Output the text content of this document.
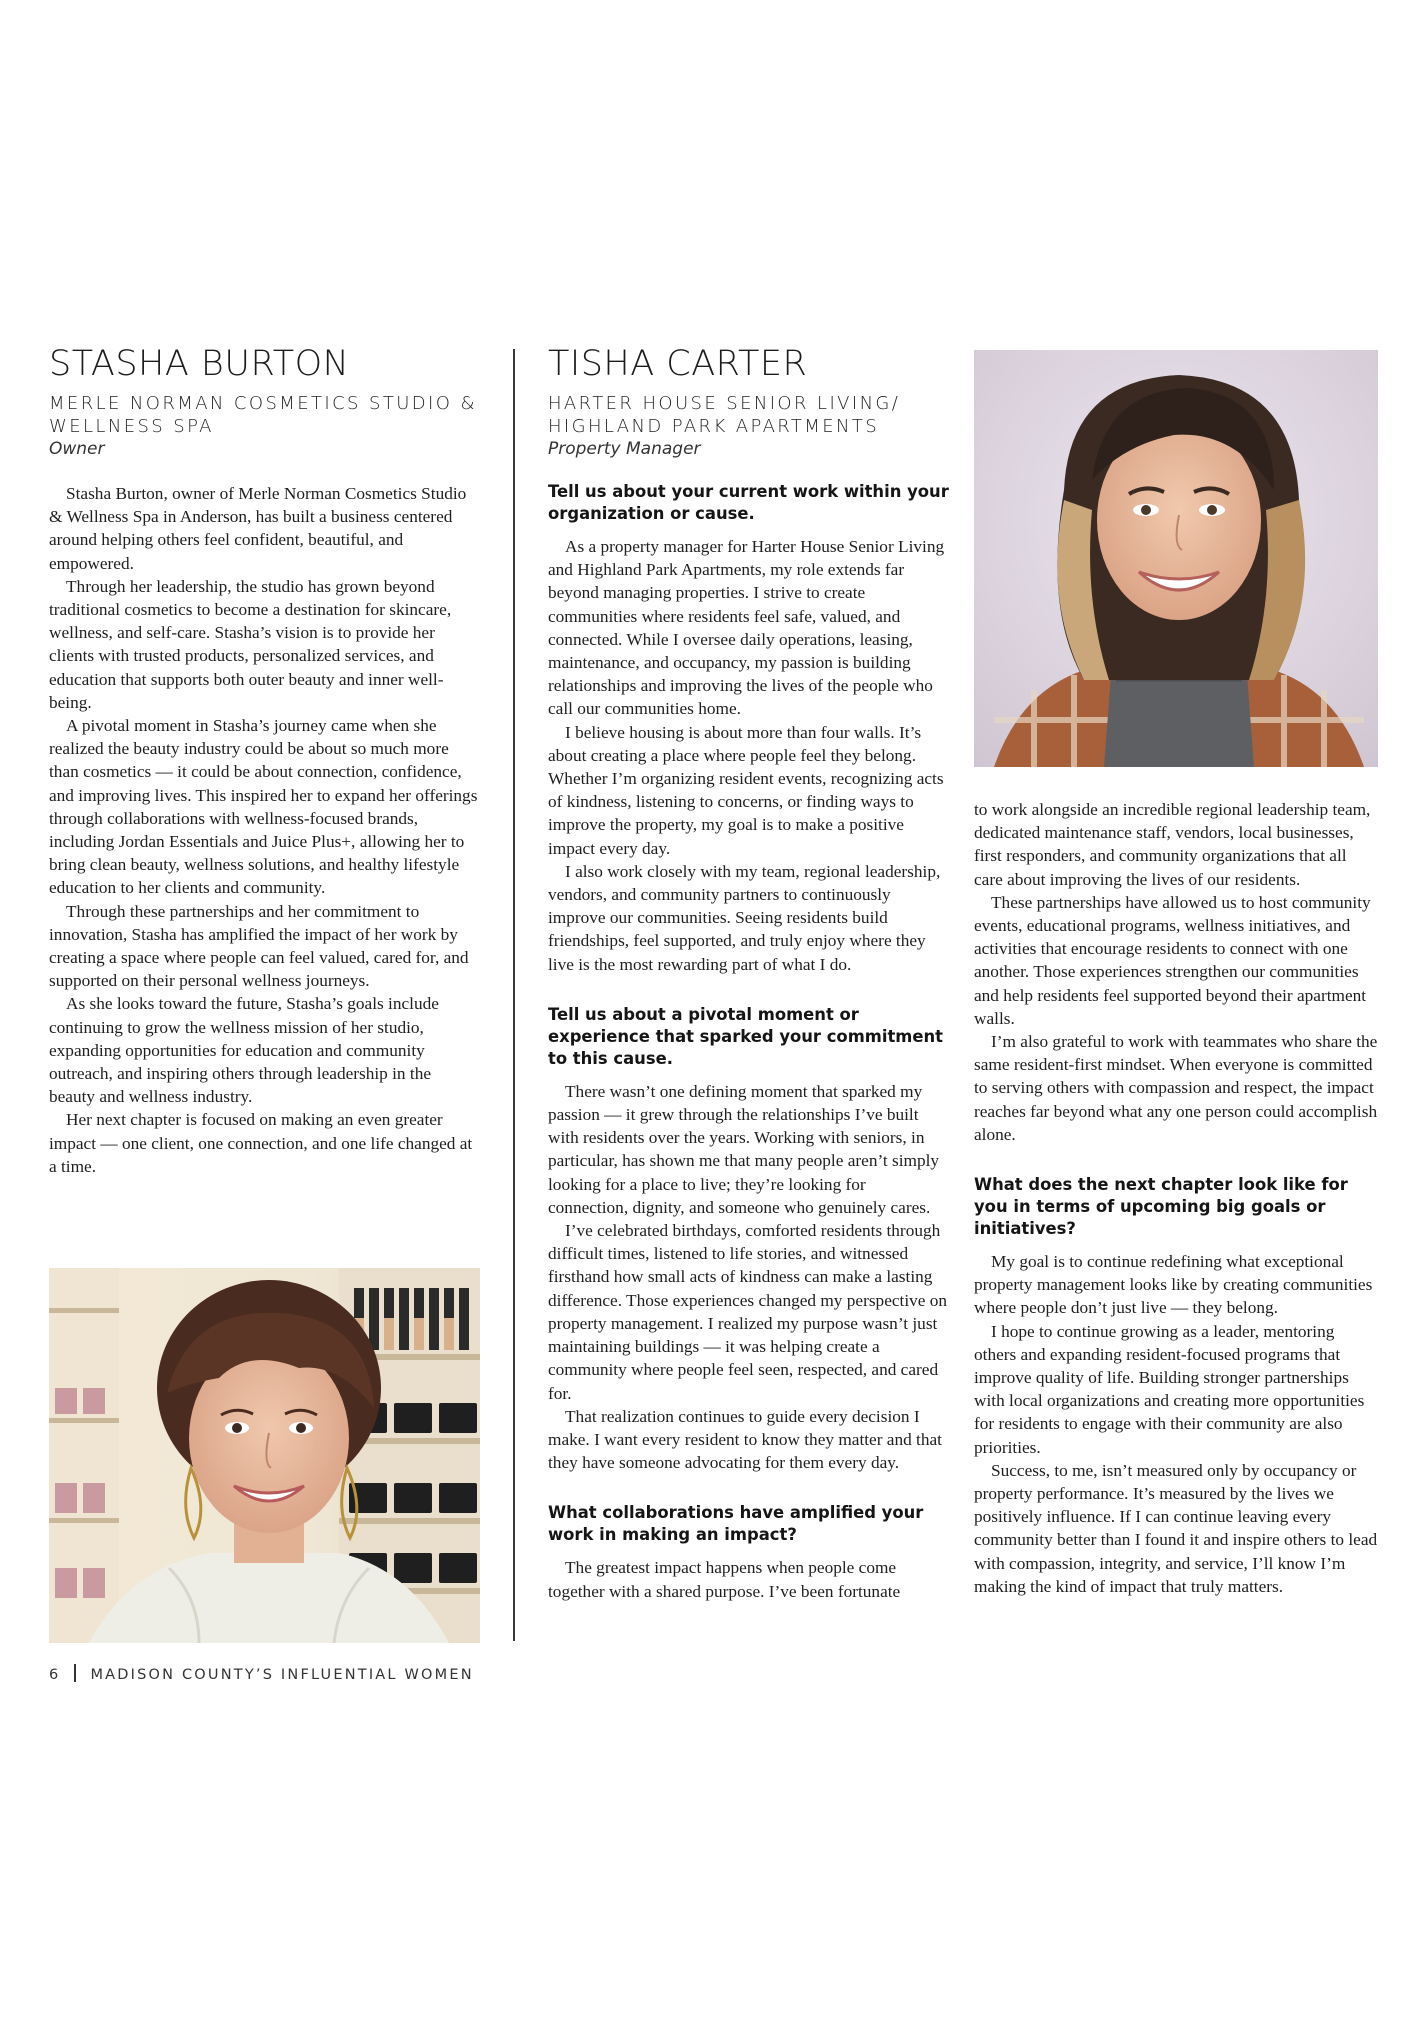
STASHA BURTON
MERLE NORMAN COSMETICS STUDIO &
WELLNESS SPA
Owner

Stasha Burton, owner of Merle Norman Cosmetics Studio & Wellness Spa in Anderson, has built a business centered around helping others feel confident, beautiful, and empowered.

Through her leadership, the studio has grown beyond traditional cosmetics to become a destination for skincare, wellness, and self-care. Stasha’s vision is to provide her clients with trusted products, personalized services, and education that supports both outer beauty and inner well-being.

A pivotal moment in Stasha’s journey came when she realized the beauty industry could be about so much more than cosmetics — it could be about connection, confidence, and improving lives. This inspired her to expand her offerings through collaborations with wellness-focused brands, including Jordan Essentials and Juice Plus+, allowing her to bring clean beauty, wellness solutions, and healthy lifestyle education to her clients and community.

Through these partnerships and her commitment to innovation, Stasha has amplified the impact of her work by creating a space where people can feel valued, cared for, and supported on their personal wellness journeys.

As she looks toward the future, Stasha’s goals include continuing to grow the wellness mission of her studio, expanding opportunities for education and community outreach, and inspiring others through leadership in the beauty and wellness industry.

Her next chapter is focused on making an even greater impact — one client, one connection, and one life changed at a time.

TISHA CARTER
HARTER HOUSE SENIOR LIVING/
HIGHLAND PARK APARTMENTS
Property Manager
Tell us about your current work within your organization or cause.

As a property manager for Harter House Senior Living and Highland Park Apartments, my role extends far beyond managing properties. I strive to create communities where residents feel safe, valued, and connected. While I oversee daily operations, leasing, maintenance, and occupancy, my passion is building relationships and improving the lives of the people who call our communities home.

I believe housing is about more than four walls. It’s about creating a place where people feel they belong. Whether I’m organizing resident events, recognizing acts of kindness, listening to concerns, or finding ways to improve the property, my goal is to make a positive impact every day.

I also work closely with my team, regional leadership, vendors, and community partners to continuously improve our communities. Seeing residents build friendships, feel supported, and truly enjoy where they live is the most rewarding part of what I do.

Tell us about a pivotal moment or experience that sparked your commitment to this cause.

There wasn’t one defining moment that sparked my passion — it grew through the relationships I’ve built with residents over the years. Working with seniors, in particular, has shown me that many people aren’t simply looking for a place to live; they’re looking for connection, dignity, and someone who genuinely cares.

I’ve celebrated birthdays, comforted residents through difficult times, listened to life stories, and witnessed firsthand how small acts of kindness can make a lasting difference. Those experiences changed my perspective on property management. I realized my purpose wasn’t just maintaining buildings — it was helping create a community where people feel seen, respected, and cared for.

That realization continues to guide every decision I make. I want every resident to know they matter and that they have someone advocating for them every day.

What collaborations have amplified your work in making an impact?

The greatest impact happens when people come together with a shared purpose. I’ve been fortunate

to work alongside an incredible regional leadership team, dedicated maintenance staff, vendors, local businesses, first responders, and community organizations that all care about improving the lives of our residents.

These partnerships have allowed us to host community events, educational programs, wellness initiatives, and activities that encourage residents to connect with one another. Those experiences strengthen our communities and help residents feel supported beyond their apartment walls.

I’m also grateful to work with teammates who share the same resident-first mindset. When everyone is committed to serving others with compassion and respect, the impact reaches far beyond what any one person could accomplish alone.

What does the next chapter look like for you in terms of upcoming big goals or initiatives?

My goal is to continue redefining what exceptional property management looks like by creating communities where people don’t just live — they belong.

I hope to continue growing as a leader, mentoring others and expanding resident-focused programs that improve quality of life. Building stronger partnerships with local organizations and creating more opportunities for residents to engage with their community are also priorities.

Success, to me, isn’t measured only by occupancy or property performance. It’s measured by the lives we positively influence. If I can continue leaving every community better than I found it and inspire others to lead with compassion, integrity, and service, I’ll know I’m making the kind of impact that truly matters.

6 MADISON COUNTY’S INFLUENTIAL WOMEN
